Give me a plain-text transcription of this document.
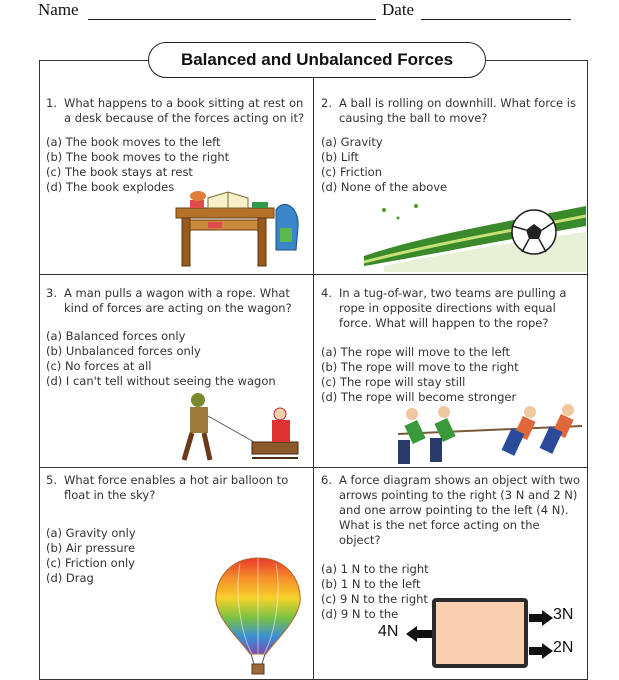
Name	Date
Balanced and Unbalanced Forces
1. What happens to a book sitting at rest on a desk because of the forces acting on it?
(a) The book moves to the left
(b) The book moves to the right
(c) The book stays at rest
(d) The book explodes
2. A ball is rolling on downhill. What force is causing the ball to move?
(a) Gravity
(b) Lift
(c) Friction
(d) None of the above
3. A man pulls a wagon with a rope. What kind of forces are acting on the wagon?
(a) Balanced forces only
(b) Unbalanced forces only
(c) No forces at all
(d) I can't tell without seeing the wagon
4. In a tug-of-war, two teams are pulling a rope in opposite directions with equal force. What will happen to the rope?
(a) The rope will move to the left
(b) The rope will move to the right
(c) The rope will stay still
(d) The rope will become stronger
5. What force enables a hot air balloon to float in the sky?
(a) Gravity only
(b) Air pressure
(c) Friction only
(d) Drag
6. A force diagram shows an object with two arrows pointing to the right (3 N and 2 N) and one arrow pointing to the left (4 N). What is the net force acting on the object?
(a) 1 N to the right
(b) 1 N to the left
(c) 9 N to the right
(d) 9 N to the
4N
3N
2N
